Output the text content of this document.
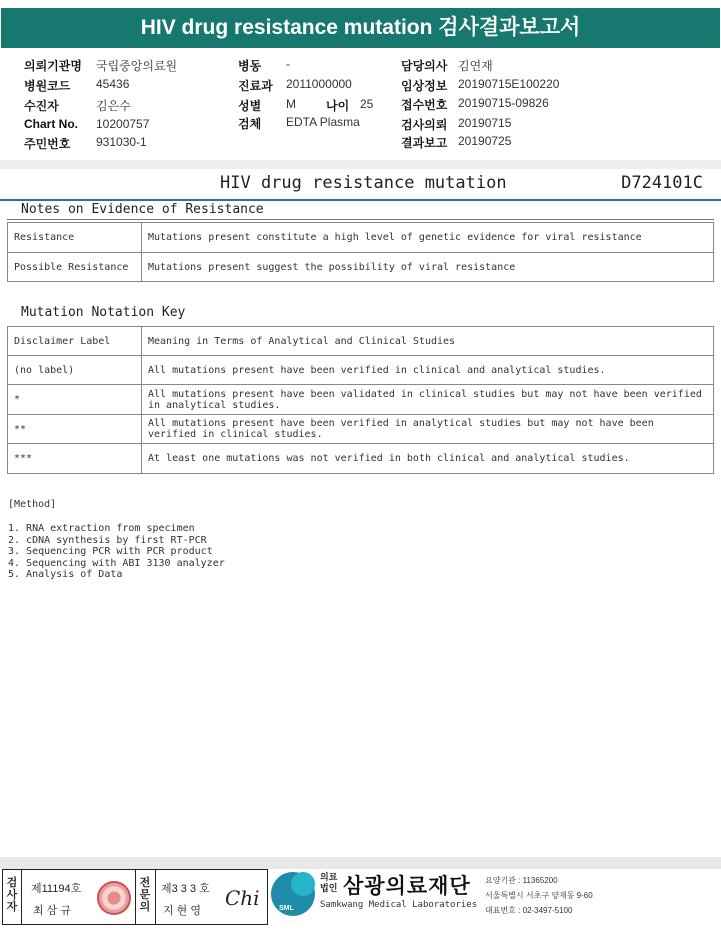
HIV drug resistance mutation 검사결과보고서
의뢰기관명 국립중앙의료원
병원코드 45436
수진자	김은수
Chart No. 10200757
주민번호 931030-1
병동 -
진료과 2011000000
성별 M	나이 25
검체 EDTA Plasma
담당의사 김연재
임상정보 20190715E100220
접수번호 20190715-09826
검사의뢰 20190715
결과보고 20190725
HIV drug resistance mutation	D724101C
Notes on Evidence of Resistance
Resistance	Mutations present constitute a high level of genetic evidence for viral resistance
Possible Resistance	Mutations present suggest the possibility of viral resistance
Mutation Notation Key
Disclaimer Label	Meaning in Terms of Analytical and Clinical Studies
(no label)	All mutations present have been verified in clinical and analytical studies.
*	All mutations present have been validated in clinical studies but may not have been verified in analytical studies.
**	All mutations present have been verified in analytical studies but may not have been verified in clinical studies.
***	At least one mutations was not verified in both clinical and analytical studies.
[Method]
1. RNA extraction from specimen
2. cDNA synthesis by first RT-PCR
3. Sequencing PCR with PCR product
4. Sequencing with ABI 3130 analyzer
5. Analysis of Data
검사자
제11194호
최 삼 규
전문의
제3 3 3 호
지 현 영
Chi	SML
의료
법인 삼광의료재단
Samkwang Medical Laboratories
요양기관 : 11365200
서울특별시 서초구 양재동 9-60
대표번호 : 02-3497-5100
